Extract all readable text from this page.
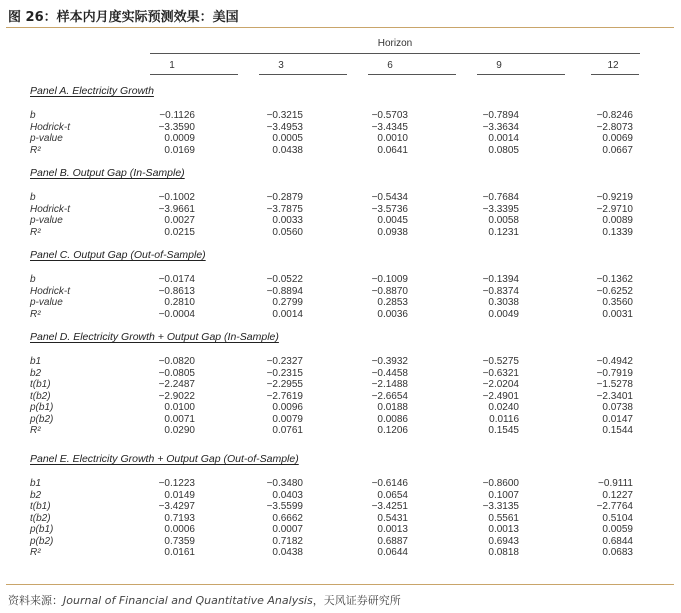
图 26：样本内月度实际预测效果：美国
Horizon
1	3	6	9	12
Panel A. Electricity Growth
b	−0.1126	−0.3215	−0.5703	−0.7894	−0.8246
Hodrick-t	−3.3590	−3.4953	−3.4345	−3.3634	−2.8073
p-value	0.0009	0.0005	0.0010	0.0014	0.0069
R²	0.0169	0.0438	0.0641	0.0805	0.0667
Panel B. Output Gap (In-Sample)
b	−0.1002	−0.2879	−0.5434	−0.7684	−0.9219
Hodrick-t	−3.9661	−3.7875	−3.5736	−3.3395	−2.9710
p-value	0.0027	0.0033	0.0045	0.0058	0.0089
R²	0.0215	0.0560	0.0938	0.1231	0.1339
Panel C. Output Gap (Out-of-Sample)
b	−0.0174	−0.0522	−0.1009	−0.1394	−0.1362
Hodrick-t	−0.8613	−0.8894	−0.8870	−0.8374	−0.6252
p-value	0.2810	0.2799	0.2853	0.3038	0.3560
R²	−0.0004	0.0014	0.0036	0.0049	0.0031
Panel D. Electricity Growth + Output Gap (In-Sample)
b1	−0.0820	−0.2327	−0.3932	−0.5275	−0.4942
b2	−0.0805	−0.2315	−0.4458	−0.6321	−0.7919
t(b1)	−2.2487	−2.2955	−2.1488	−2.0204	−1.5278
t(b2)	−2.9022	−2.7619	−2.6654	−2.4901	−2.3401
p(b1)	0.0100	0.0096	0.0188	0.0240	0.0738
p(b2)	0.0071	0.0079	0.0086	0.0116	0.0147
R²	0.0290	0.0761	0.1206	0.1545	0.1544
Panel E. Electricity Growth + Output Gap (Out-of-Sample)
b1	−0.1223	−0.3480	−0.6146	−0.8600	−0.9111
b2	0.0149	0.0403	0.0654	0.1007	0.1227
t(b1)	−3.4297	−3.5599	−3.4251	−3.3135	−2.7764
t(b2)	0.7193	0.6662	0.5431	0.5561	0.5104
p(b1)	0.0006	0.0007	0.0013	0.0013	0.0059
p(b2)	0.7359	0.7182	0.6887	0.6943	0.6844
R²	0.0161	0.0438	0.0644	0.0818	0.0683
资料来源：Journal of Financial and Quantitative Analysis，天风证券研究所
